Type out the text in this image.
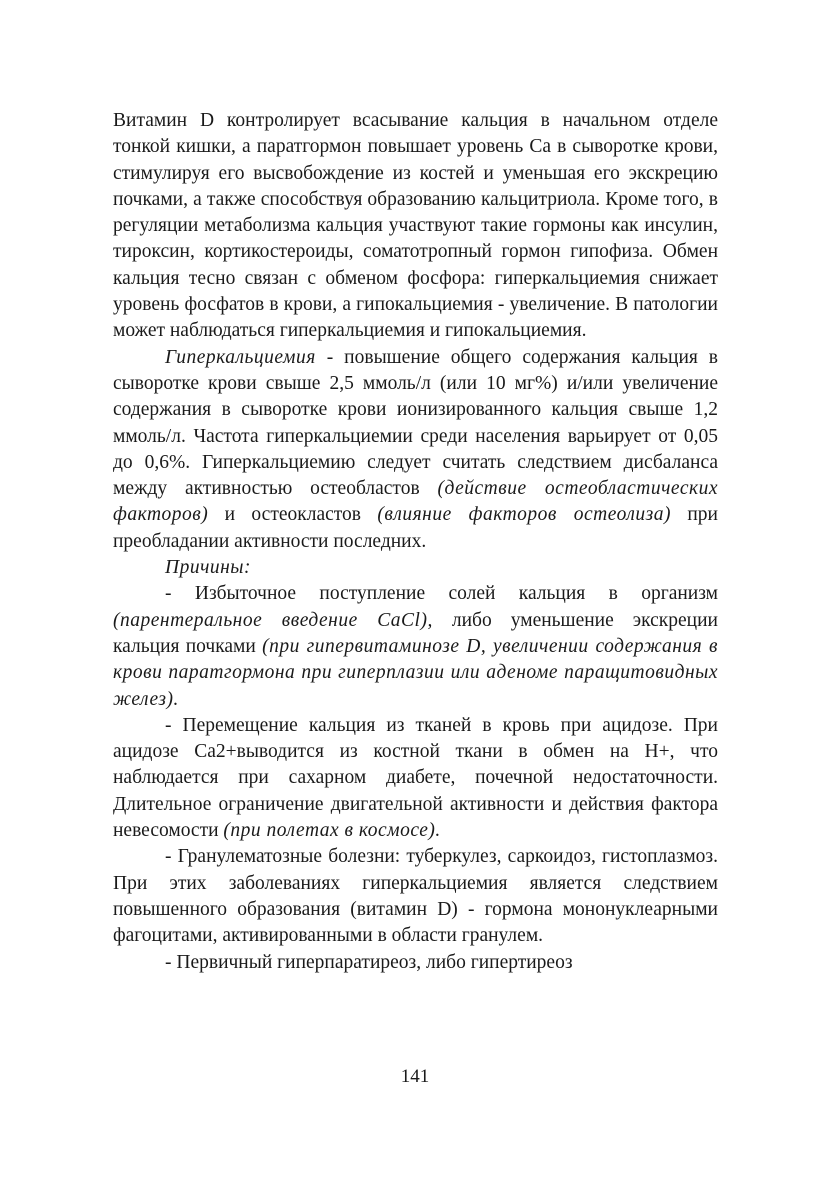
Витамин D контролирует всасывание кальция в начальном отделе тонкой кишки, а паратгормон повышает уровень Са в сыворотке крови, стимулируя его высвобождение из костей и уменьшая его экскрецию почками, а также способствуя образованию кальцитриола. Кроме того, в регуляции метаболизма кальция участвуют такие гормоны как инсулин, тироксин, кортикостероиды, соматотропный гормон гипофиза. Обмен кальция тесно связан с обменом фосфора: гиперкальциемия снижает уровень фосфатов в крови, а гипокальциемия - увеличение. В патологии может наблюдаться гиперкальциемия и гипокальциемия.

Гиперкальциемия - повышение общего содержания кальция в сыворотке крови свыше 2,5 ммоль/л (или 10 мг%) и/или увеличение содержания в сыворотке крови ионизированного кальция свыше 1,2 ммоль/л. Частота гиперкальциемии среди населения варьирует от 0,05 до 0,6%. Гиперкальциемию следует считать следствием дисбаланса между активностью остеобластов (действие остеобластических факторов) и остеокластов (влияние факторов остеолиза) при преобладании активности последних.

Причины:

- Избыточное поступление солей кальция в организм (парентеральное введение CaCl), либо уменьшение экскреции кальция почками (при гипервитаминозе D, увеличении содержания в крови паратгормона при гиперплазии или аденоме паращитовидных желез).

- Перемещение кальция из тканей в кровь при ацидозе. При ацидозе Са2+выводится из костной ткани в обмен на Н+, что наблюдается при сахарном диабете, почечной недостаточности. Длительное ограничение двигательной активности и действия фактора невесомости (при полетах в космосе).

- Гранулематозные болезни: туберкулез, саркоидоз, гистоплазмоз. При этих заболеваниях гиперкальциемия является следствием повышенного образования (витамин D) - гормона мононуклеарными фагоцитами, активированными в области гранулем.

- Первичный гиперпаратиреоз, либо гипертиреоз

141
